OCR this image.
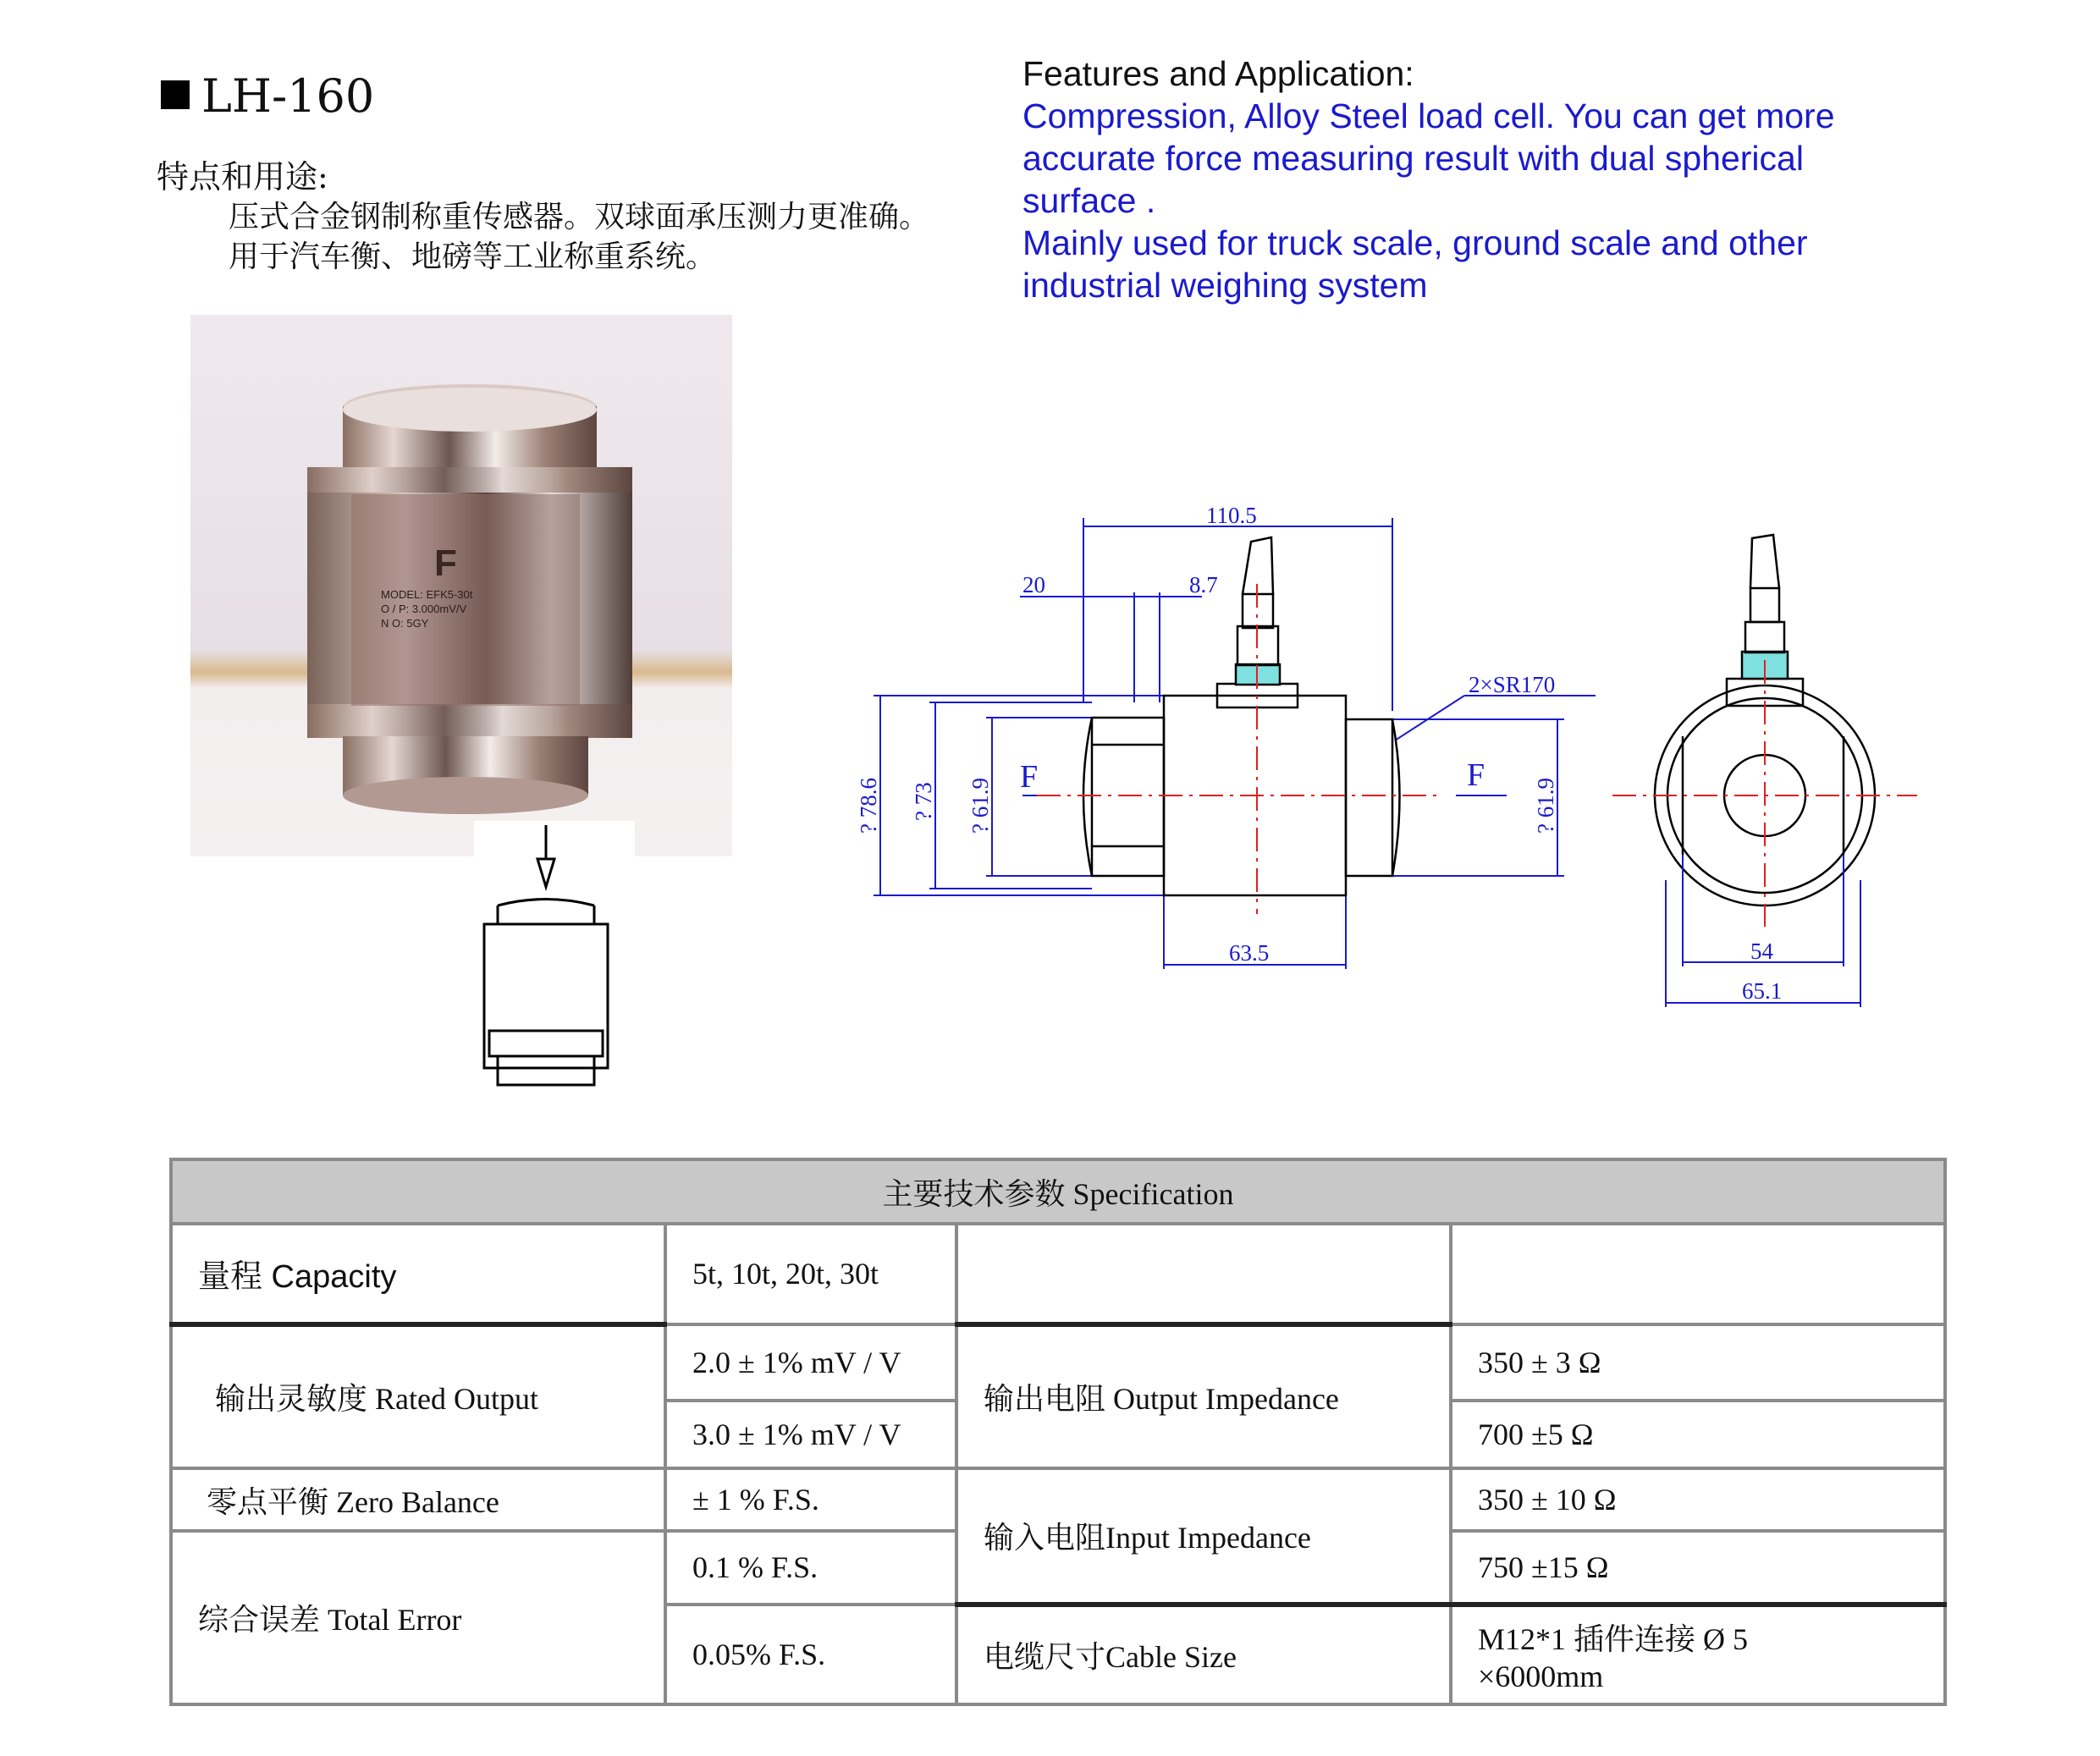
LH-160
特点和用途:
压式合金钢制称重传感器。双球面承压测力更准确。
用于汽车衡、地磅等工业称重系统。
Features and Application:
Compression, Alloy Steel load cell. You can get more
accurate force measuring result with dual spherical
surface .
Mainly used for truck scale, ground scale and other
industrial weighing system
F
MODEL: EFK5-30t
O / P: 3.000mV/V
N O: 5GY
110.5
20	8.7
2×SR170
63.5	54
65.1
? 78.6 ? 73 ? 61.9	? 61.9
F	F
主要技术参数 Specification			
量程 Capacity	5t, 10t, 20t, 30t		
输出灵敏度 Rated Output	2.0 ± 1% mV / V	输出电阻 Output Impedance	350 ± 3 Ω
	3.0 ± 1% mV / V		700 ±5 Ω
零点平衡 Zero Balance	± 1 % F.S.	输入电阻Input Impedance	350 ± 10 Ω
综合误差 Total Error	0.1 % F.S.		750 ±15 Ω
	0.05% F.S.	电缆尺寸Cable Size	M12*1 插件连接 Ø 5
×6000mm
